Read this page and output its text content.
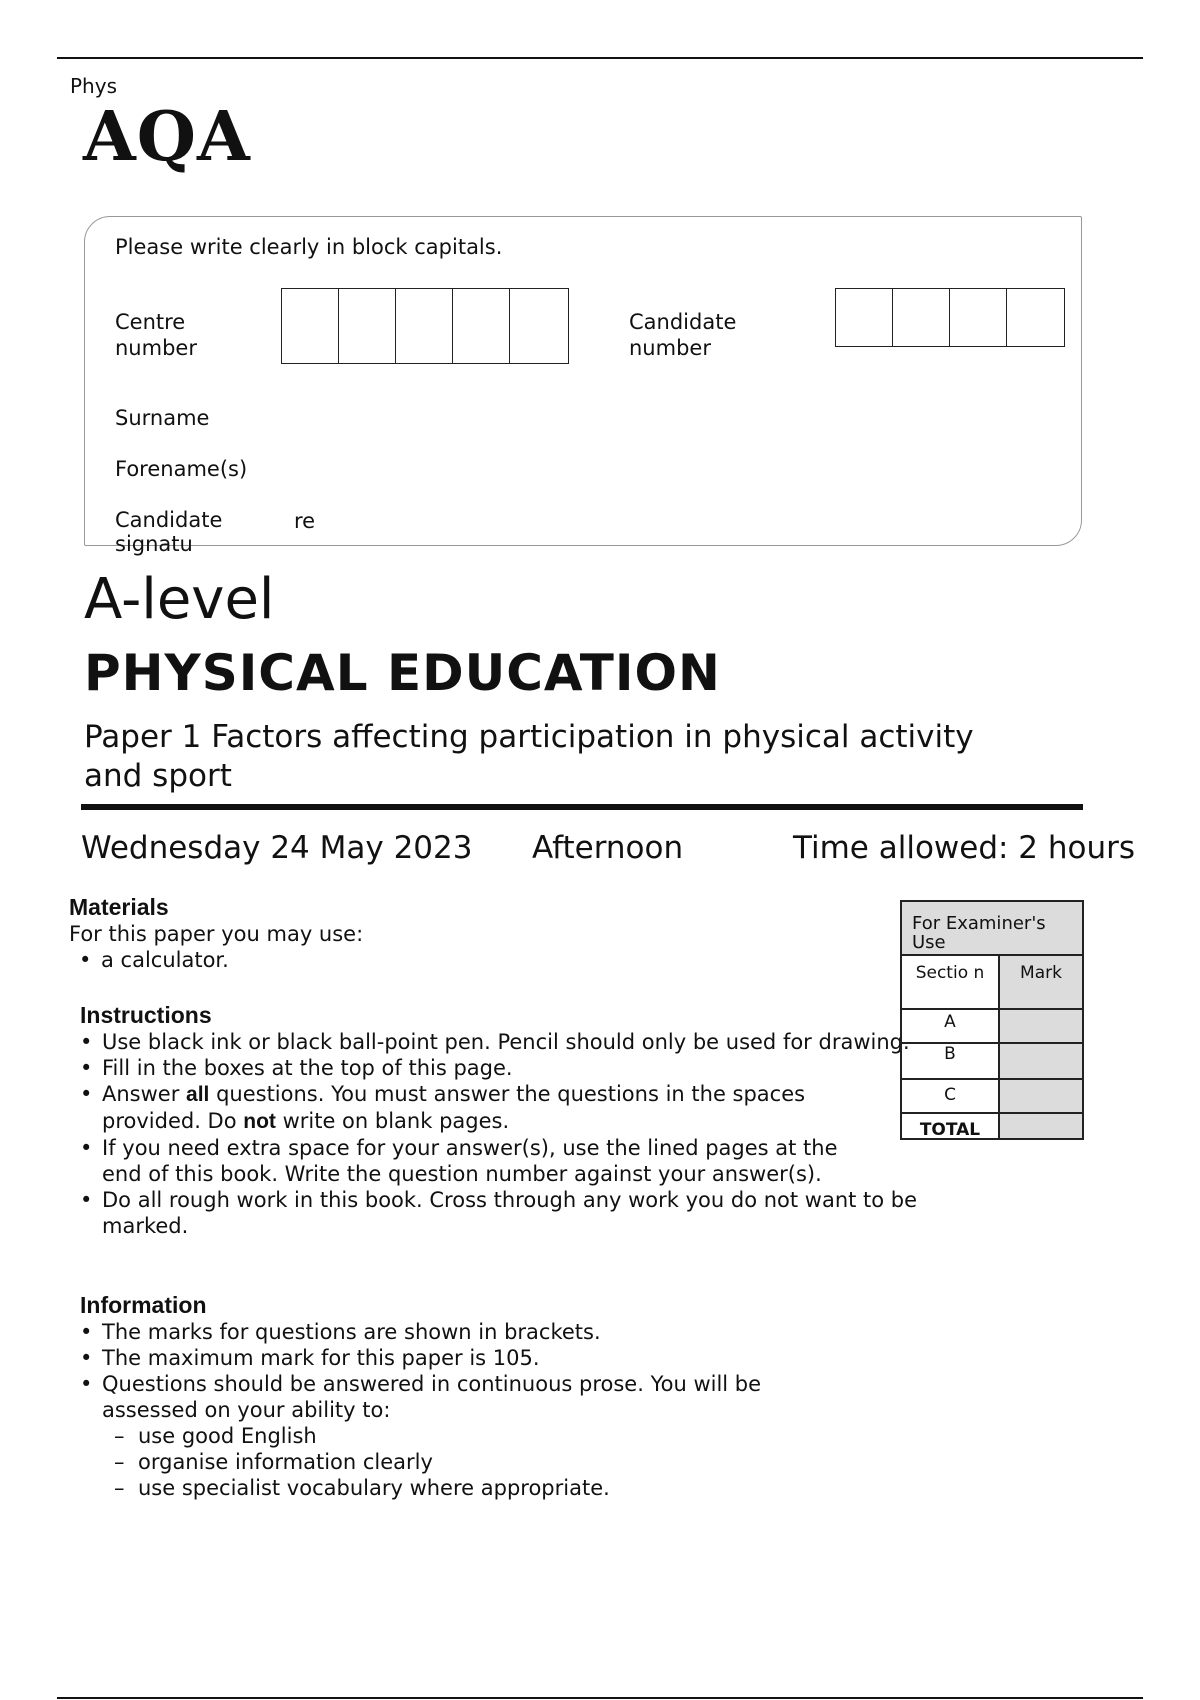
Phys
AQA
Please write clearly in block capitals.
Centre
number
Candidate
number
Surname
Forename(s)
Candidate
signatu
re
A-level
PHYSICAL EDUCATION
Paper 1 Factors affecting participation in physical activity and sport
Wednesday 24 May 2023 Afternoon	Time allowed: 2 hours
Materials
For this paper you may use:
• a calculator.
Instructions
• Use black ink or black ball-point pen. Pencil should only be used for drawing.
• Fill in the boxes at the top of this page.
• Answer all questions. You must answer the questions in the spaces provided. Do not write on blank pages.
• If you need extra space for your answer(s), use the lined pages at the end of this book. Write the question number against your answer(s).
• Do all rough work in this book. Cross through any work you do not want to be marked.
Information
• The marks for questions are shown in brackets.
• The maximum mark for this paper is 105.
• Questions should be answered in continuous prose. You will be assessed on your ability to:
– use good English
– organise information clearly
– use specialist vocabulary where appropriate.
For Examiner's Use
Sectio n	Mark
A
B
C
TOTAL
